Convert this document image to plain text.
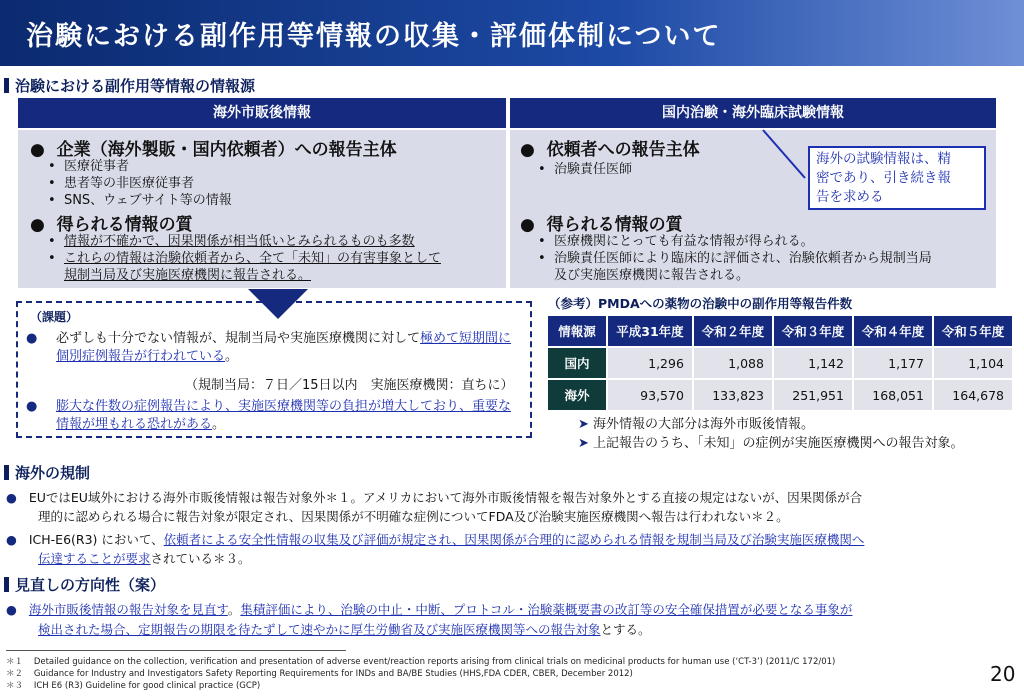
治験における副作用等情報の収集・評価体制について
治験における副作用等情報の情報源
海外市販後情報
●  企業（海外製販・国内依頼者）への報告主体
•  医療従事者
•  患者等の非医療従事者
•  SNS、ウェブサイト等の情報
●  得られる情報の質
•  情報が不確かで、因果関係が相当低いとみられるものも多数
•  これらの情報は治験依頼者から、全て「未知」の有害事象として
規制当局及び実施医療機関に報告される。
国内治験・海外臨床試験情報
●  依頼者への報告主体
•  治験責任医師
●  得られる情報の質
•  医療機関にとっても有益な情報が得られる。
•  治験責任医師により臨床的に評価され、治験依頼者から規制当局
及び実施医療機関に報告される。
海外の試験情報は、精
密であり、引き続き報
告を求める
（課題）
● 必ずしも十分でない情報が、規制当局や実施医療機関に対して極めて短期間に個別症例報告が行われている。
（規制当局：７日／15日以内　実施医療機関：直ちに）
● 膨大な件数の症例報告により、実施医療機関等の負担が増大しており、重要な情報が埋もれる恐れがある。
（参考）PMDAへの薬物の治験中の副作用等報告件数
情報源	平成31年度	令和２年度	令和３年度	令和４年度	令和５年度
国内	1,296	1,088	1,142	1,177	1,104
海外	93,570	133,823	251,951	168,051	164,678
➤ 海外情報の大部分は海外市販後情報。
➤ 上記報告のうち、「未知」の症例が実施医療機関への報告対象。
海外の規制
● EUではEU域外における海外市販後情報は報告対象外＊１。アメリカにおいて海外市販後情報を報告対象外とする直接の規定はないが、因果関係が合
理的に認められる場合に報告対象が限定され、因果関係が不明確な症例についてFDA及び治験実施医療機関へ報告は行われない＊２。
● ICH-E6(R3) において、依頼者による安全性情報の収集及び評価が規定され、因果関係が合理的に認められる情報を規制当局及び治験実施医療機関へ
伝達することが要求されている＊３。
見直しの方向性（案）
● 海外市販後情報の報告対象を見直す。集積評価により、治験の中止・中断、プロトコル・治験薬概要書の改訂等の安全確保措置が必要となる事象が
検出された場合、定期報告の期限を待たずして速やかに厚生労働省及び実施医療機関等への報告対象とする。
＊１ Detailed guidance on the collection, verification and presentation of adverse event/reaction reports arising from clinical trials on medicinal products for human use (‘CT-3’) (2011/C 172/01)
＊２ Guidance for Industry and Investigators Safety Reporting Requirements for INDs and BA/BE Studies (HHS,FDA CDER, CBER, December 2012)
＊３ ICH E6 (R3) Guideline for good clinical practice (GCP)	20
